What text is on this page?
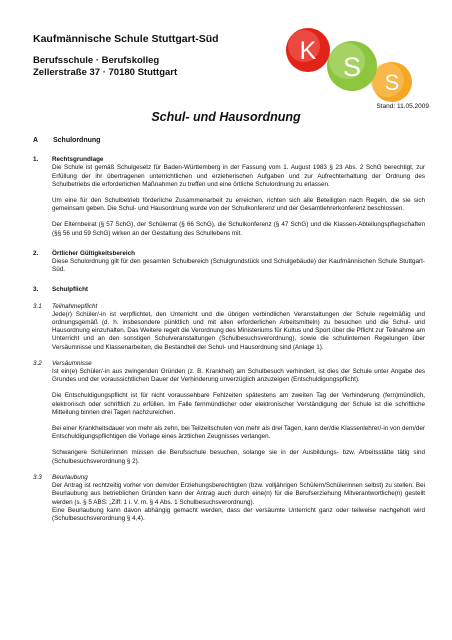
Kaufmännische Schule Stuttgart-Süd
Berufsschule · Berufskolleg
Zellerstraße 37 · 70180 Stuttgart
K
S
S
Stand: 11.05.2009
Schul- und Hausordnung
A	Schulordnung
1.	Rechtsgrundlage
Die Schule ist gemäß Schulgesetz für Baden-Württemberg in der Fassung vom 1. August 1983 § 23 Abs. 2 SchG berechtigt, zur Erfüllung der ihr übertragenen unterrichtlichen und erzieherischen Aufgaben und zur Aufrechterhaltung der Ordnung des Schulbetriebs die erforderlichen Maßnahmen zu treffen und eine örtliche Schulordnung zu erlassen.
Um eine für den Schulbetrieb förderliche Zusammenarbeit zu erreichen, richten sich alle Beteiligten nach Regeln, die sie sich gemeinsam geben. Die Schul- und Hausordnung wurde von der Schulkonferenz und der Gesamtlehrerkonferenz beschlossen.
Der Elternbeirat (§ 57 SchG), der Schülerrat (§ 66 SchG), die Schulkonferenz (§ 47 SchG) und die Klassen-Abteilungspflegschaften (§§ 56 und 59 SchG) wirken an der Gestaltung des Schullebens mit.
2.	Örtlicher Gültigkeitsbereich
Diese Schulordnung gilt für den gesamten Schulbereich (Schulgrundstück und Schulgebäude) der Kaufmännischen Schule Stuttgart-Süd.
3.	Schulpflicht
3.1	Teilnahmepflicht
Jede(r) Schüler/-in ist verpflichtet, den Unterricht und die übrigen verbindlichen Veranstaltungen der Schule regelmäßig und ordnungsgemäß (d. h. insbesondere pünktlich und mit allen erforderlichen Arbeitsmitteln) zu besuchen und die Schul- und Hausordnung einzuhalten. Das Weitere regelt die Verordnung des Ministeriums für Kultus und Sport über die Pflicht zur Teilnahme am Unterricht und an den sonstigen Schulveranstaltungen (Schulbesuchsverordnung), sowie die schulinternen Regelungen über Versäumnisse und Klassenarbeiten, die Bestandteil der Schul- und Hausordnung sind (Anlage 1).
3.2	Versäumnisse
Ist ein(e) Schüler/-in aus zwingenden Gründen (z. B. Krankheit) am Schulbesuch verhindert, ist dies der Schule unter Angabe des Grundes und der voraussichtlichen Dauer der Verhinderung unverzüglich anzuzeigen (Entschuldigungspflicht).
Die Entschuldigungspflicht ist für nicht voraussehbare Fehlzeiten spätestens am zweiten Tag der Verhinderung (fern)mündlich, elektronisch oder schriftlich zu erfüllen. Im Falle fernmündlicher oder elektronischer Verständigung der Schule ist die schriftliche Mitteilung binnen drei Tagen nachzureichen.
Bei einer Krankheitsdauer von mehr als zehn, bei Teilzeitschulen von mehr als drei Tagen, kann der/die Klassenlehrer/-in von dem/der Entschuldigungspflichtigen die Vorlage eines ärztlichen Zeugnisses verlangen.
Schwangere Schülerinnen müssen die Berufsschule besuchen, solange sie in der Ausbildungs- bzw. Arbeitsstätte tätig sind (Schulbesuchsverordnung § 2).
3.3	Beurlaubung
Der Antrag ist rechtzeitig vorher von dem/der Erziehungsberechtigten (bzw. volljährigen Schülern/Schülerinnen selbst) zu stellen. Bei Beurlaubung aus betrieblichen Gründen kann der Antrag auch durch eine(n) für die Berufserziehung Mitverantwortliche(n) gestellt werden (s. § 5 ABS: „Ziff: 1 i. V. m. § 4 Abs. 1 Schulbesuchsverordnung).
Eine Beurlaubung kann davon abhängig gemacht werden, dass der versäumte Unterricht ganz oder teilweise nachgeholt wird (Schulbesuchsverordnung § 4,4).
